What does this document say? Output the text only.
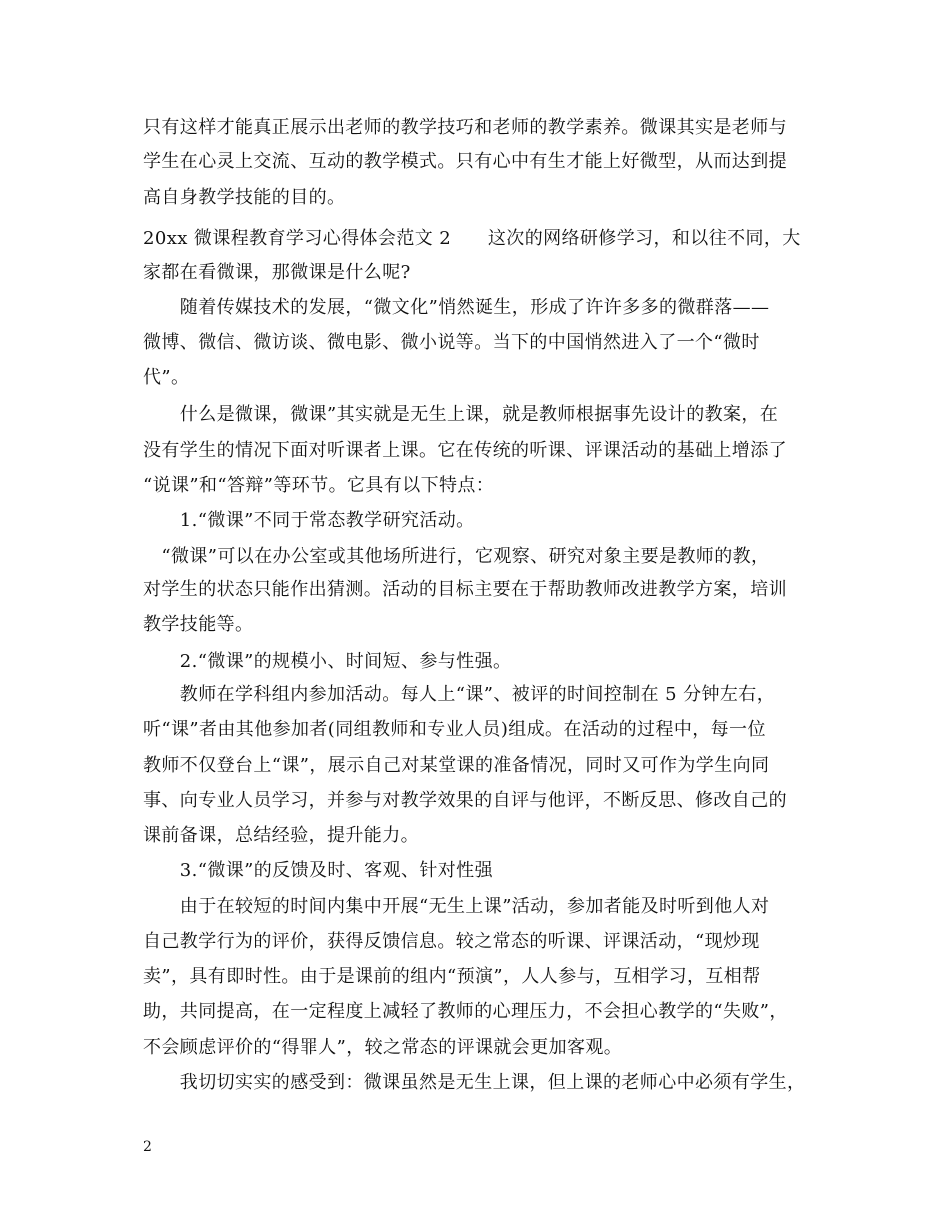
只有这样才能真正展示出老师的教学技巧和老师的教学素养。微课其实是老师与
学生在心灵上交流、互动的教学模式。只有心中有生才能上好微型，从而达到提
高自身教学技能的目的。
20xx 微课程教育学习心得体会范文 2　　这次的网络研修学习，和以往不同，大
家都在看微课，那微课是什么呢?
　　随着传媒技术的发展，“微文化”悄然诞生，形成了许许多多的微群落——
微博、微信、微访谈、微电影、微小说等。当下的中国悄然进入了一个“微时
代”。
　　什么是微课，微课”其实就是无生上课，就是教师根据事先设计的教案，在
没有学生的情况下面对听课者上课。它在传统的听课、评课活动的基础上增添了
“说课”和“答辩”等环节。它具有以下特点：
　　1.“微课”不同于常态教学研究活动。
　“微课”可以在办公室或其他场所进行，它观察、研究对象主要是教师的教，
对学生的状态只能作出猜测。活动的目标主要在于帮助教师改进教学方案，培训
教学技能等。
　　2.“微课”的规模小、时间短、参与性强。
　　教师在学科组内参加活动。每人上“课”、被评的时间控制在 5 分钟左右，
听“课”者由其他参加者(同组教师和专业人员)组成。在活动的过程中，每一位
教师不仅登台上“课”，展示自己对某堂课的准备情况，同时又可作为学生向同
事、向专业人员学习，并参与对教学效果的自评与他评，不断反思、修改自己的
课前备课，总结经验，提升能力。
　　3.“微课”的反馈及时、客观、针对性强
　　由于在较短的时间内集中开展“无生上课”活动，参加者能及时听到他人对
自己教学行为的评价，获得反馈信息。较之常态的听课、评课活动，“现炒现
卖”，具有即时性。由于是课前的组内“预演”，人人参与，互相学习，互相帮
助，共同提高，在一定程度上减轻了教师的心理压力，不会担心教学的“失败”，
不会顾虑评价的“得罪人”，较之常态的评课就会更加客观。
　　我切切实实的感受到：微课虽然是无生上课，但上课的老师心中必须有学生，
2
